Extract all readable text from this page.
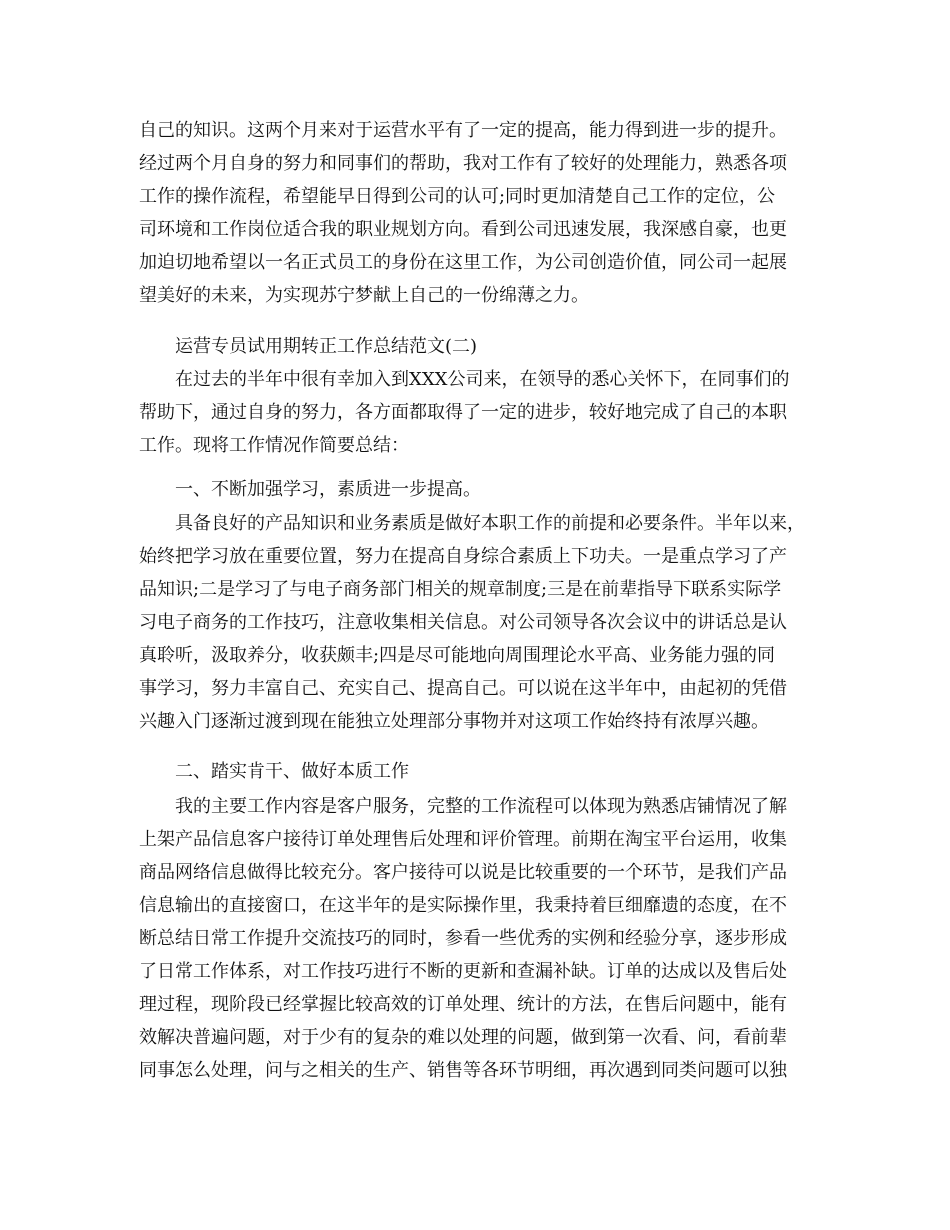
自己的知识。这两个月来对于运营水平有了一定的提高，能力得到进一步的提升。
经过两个月自身的努力和同事们的帮助，我对工作有了较好的处理能力，熟悉各项
工作的操作流程，希望能早日得到公司的认可;同时更加清楚自己工作的定位，公
司环境和工作岗位适合我的职业规划方向。看到公司迅速发展，我深感自豪，也更
加迫切地希望以一名正式员工的身份在这里工作，为公司创造价值，同公司一起展
望美好的未来，为实现苏宁梦献上自己的一份绵薄之力。
运营专员试用期转正工作总结范文(二)
在过去的半年中很有幸加入到XXX公司来，在领导的悉心关怀下，在同事们的
帮助下，通过自身的努力，各方面都取得了一定的进步，较好地完成了自己的本职
工作。现将工作情况作简要总结：
一、不断加强学习，素质进一步提高。
具备良好的产品知识和业务素质是做好本职工作的前提和必要条件。半年以来，
始终把学习放在重要位置，努力在提高自身综合素质上下功夫。一是重点学习了产
品知识;二是学习了与电子商务部门相关的规章制度;三是在前辈指导下联系实际学
习电子商务的工作技巧，注意收集相关信息。对公司领导各次会议中的讲话总是认
真聆听，汲取养分，收获颇丰;四是尽可能地向周围理论水平高、业务能力强的同
事学习，努力丰富自己、充实自己、提高自己。可以说在这半年中，由起初的凭借
兴趣入门逐渐过渡到现在能独立处理部分事物并对这项工作始终持有浓厚兴趣。
二、踏实肯干、做好本质工作
我的主要工作内容是客户服务，完整的工作流程可以体现为熟悉店铺情况了解
上架产品信息客户接待订单处理售后处理和评价管理。前期在淘宝平台运用，收集
商品网络信息做得比较充分。客户接待可以说是比较重要的一个环节，是我们产品
信息输出的直接窗口，在这半年的是实际操作里，我秉持着巨细靡遗的态度，在不
断总结日常工作提升交流技巧的同时，参看一些优秀的实例和经验分享，逐步形成
了日常工作体系，对工作技巧进行不断的更新和查漏补缺。订单的达成以及售后处
理过程，现阶段已经掌握比较高效的订单处理、统计的方法，在售后问题中，能有
效解决普遍问题，对于少有的复杂的难以处理的问题，做到第一次看、问，看前辈
同事怎么处理，问与之相关的生产、销售等各环节明细，再次遇到同类问题可以独
